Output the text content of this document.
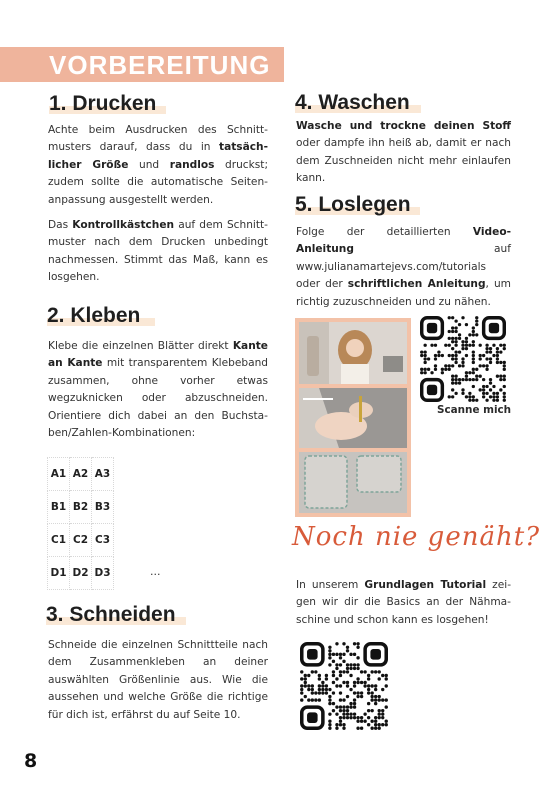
VORBEREITUNG
1. Drucken
Achte beim Ausdrucken des Schnittmusters darauf, dass du in tatsächlicher Größe und randlos druckst; zudem sollte die automatische Seitenanpassung ausgestellt werden.
Das Kontrollkästchen auf dem Schnittmuster nach dem Drucken unbedingt nachmessen. Stimmt das Maß, kann es losgehen.
2. Kleben
Klebe die einzelnen Blätter direkt Kante an Kante mit transparentem Klebeband zusammen, ohne vorher etwas wegzuknicken oder abzuschneiden. Orientiere dich dabei an den Buchstaben/Zahlen-Kombinationen:
A1	A2	A3
B1	B2	B3
C1	C2	C3
D1	D2	D3	...
3. Schneiden
Schneide die einzelnen Schnittteile nach dem Zusammenkleben an deiner auswählten Größenlinie aus. Wie die aussehen und welche Größe die richtige für dich ist, erfährst du auf Seite 10.
4. Waschen
Wasche und trockne deinen Stoff oder dampfe ihn heiß ab, damit er nach dem Zuschneiden nicht mehr einlaufen kann.
5. Loslegen
Folge der detaillierten Video-Anleitung auf www.julianamartejevs.com/tutorials oder der schriftlichen Anleitung, um richtig zuzuschneiden und zu nähen.
Scanne mich
Noch nie genäht?
In unserem Grundlagen Tutorial zeigen wir dir die Basics an der Nähmaschine und schon kann es losgehen!
8
